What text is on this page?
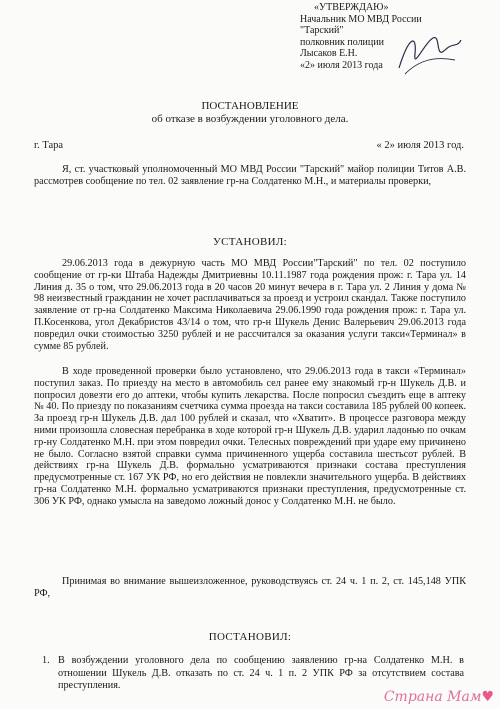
«УТВЕРЖДАЮ»
Начальник МО МВД России
"Тарский"
полковник полиции
Лысаков Е.Н.
«2» июля 2013 года
ПОСТАНОВЛЕНИЕ
об отказе в возбуждении уголовного дела.
г. Тара	« 2» июля 2013 год.
Я, ст. участковый уполномоченный МО МВД России "Тарский" майор полиции Титов А.В. рассмотрев сообщение по тел. 02 заявление гр-на Солдатенко М.Н., и материалы проверки,
УСТАНОВИЛ:
29.06.2013 года в дежурную часть МО МВД России"Тарский" по тел. 02 поступило сообщение от гр-ки Штаба Надежды Дмитриевны 10.11.1987 года рождения прож: г. Тара ул. 14 Линия д. 35 о том, что 29.06.2013 года в 20 часов 20 минут вечера в г. Тара ул. 2 Линия у дома № 98 неизвестный гражданин не хочет расплачиваться за проезд и устроил скандал. Также поступило заявление от гр-на Солдатенко Максима Николаевича 29.06.1990 года рождения прож: г. Тара ул. П.Косенкова, угол Декабристов 43/14 о том, что гр-н Шукель Денис Валерьевич 29.06.2013 года повредил очки стоимостью 3250 рублей и не рассчитался за оказания услуги такси«Терминал» в сумме 85 рублей.
В ходе проведенной проверки было установлено, что 29.06.2013 года в такси «Терминал» поступил заказ. По приезду на место в автомобиль сел ранее ему знакомый гр-н Шукель Д.В. и попросил довезти его до аптеки, чтобы купить лекарства. После попросил съездить еще в аптеку № 40. По приезду по показаниям счетчика сумма проезда на такси составила 185 рублей 00 копеек. За проезд гр-н Шукель Д.В. дал 100 рублей и сказал, что «Хватит». В процессе разговора между ними произошла словесная перебранка в ходе которой гр-н Шукель Д.В. ударил ладонью по очкам гр-ну Солдатенко М.Н. при этом повредил очки. Телесных повреждений при ударе ему причинено не было. Согласно взятой справки сумма причиненного ущерба составила шестьсот рублей. В действиях гр-на Шукель Д.В. формально усматриваются признаки состава преступления предусмотренные ст. 167 УК РФ, но его действия не повлекли значительного ущерба. В действиях гр-на Солдатенко М.Н. формально усматриваются признаки преступления, предусмотренные ст. 306 УК РФ, однако умысла на заведомо ложный донос у Солдатенко М.Н. не было.
Принимая во внимание вышеизложенное, руководствуясь ст. 24 ч. 1 п. 2, ст. 145,148 УПК РФ,
ПОСТАНОВИЛ:
1. В возбуждении уголовного дела по сообщению заявлению гр-на Солдатенко М.Н. в отношении Шукель Д.В. отказать по ст. 24 ч. 1 п. 2 УПК РФ за отсутствием состава преступления.
Страна Мам♥
